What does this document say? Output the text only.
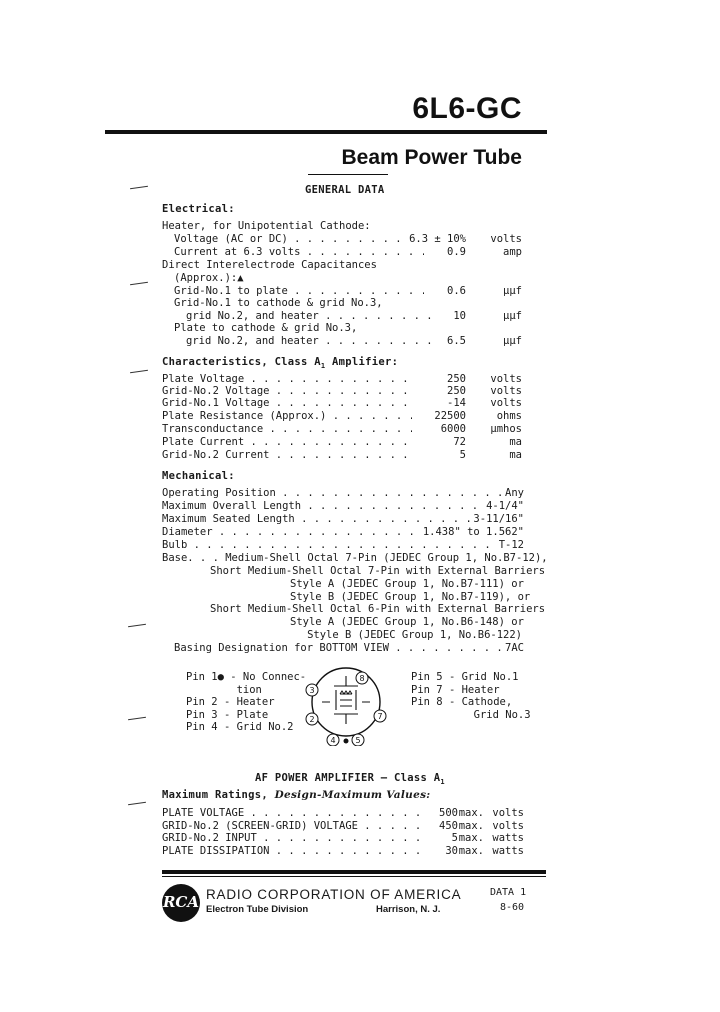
6L6-GC
Beam Power Tube
GENERAL DATA
Electrical:
Heater, for Unipotential Cathode:
Voltage (AC or DC) . . .	6.3 ± 10%	volts
Current at 6.3 volts . . .	0.9	amp
Direct Interelectrode Capacitances
(Approx.):▲
Grid-No.1 to plate . . .	0.6	μμf
Grid-No.1 to cathode & grid No.3,
grid No.2, and heater . . .	10	μμf
Plate to cathode & grid No.3,
grid No.2, and heater . . .	6.5	μμf
Characteristics, Class $A_1$ Amplifier:
Plate Voltage . . .	250	volts
Grid-No.2 Voltage . . .	250	volts
Grid-No.1 Voltage . . .	-14	volts
Plate Resistance (Approx.) . . .	22500	ohms
Transconductance . . .	6000	μmhos
Plate Current . . .	72	ma
Grid-No.2 Current . . .	5	ma
Mechanical:
Operating Position . . .	Any
Maximum Overall Length . . .	4-1/4"
Maximum Seated Length . . .	3-11/16"
Diameter . . .	1.438" to 1.562"
Bulb . . .	T-12
Base. . . Medium-Shell Octal 7-Pin (JEDEC Group 1, No.B7-12),
Short Medium-Shell Octal 7-Pin with External Barriers
Style A (JEDEC Group 1, No.B7-111) or
Style B (JEDEC Group 1, No.B7-119), or
Short Medium-Shell Octal 6-Pin with External Barriers
Style A (JEDEC Group 1, No.B6-148) or
Style B (JEDEC Group 1, No.B6-122)
Basing Designation for BOTTOM VIEW . . .	7AC
Pin 1● - No Connec-
tion
Pin 2 - Heater
Pin 3 - Plate
Pin 4 - Grid No.2
Pin 5 - Grid No.1
Pin 7 - Heater
Pin 8 - Cathode,
Grid No.3
3
2
4 5
7
8
AF POWER AMPLIFIER — Class $A_1$
Maximum Ratings, Design-Maximum Values:
PLATE VOLTAGE . . .	500 max. volts
GRID-No.2 (SCREEN-GRID) VOLTAGE . . .	450 max. volts
GRID-No.2 INPUT . . .	5 max. watts
PLATE DISSIPATION . . .	30 max. watts
RCA RADIO CORPORATION OF AMERICA
Electron Tube Division	Harrison, N. J.
DATA 1
8-60
